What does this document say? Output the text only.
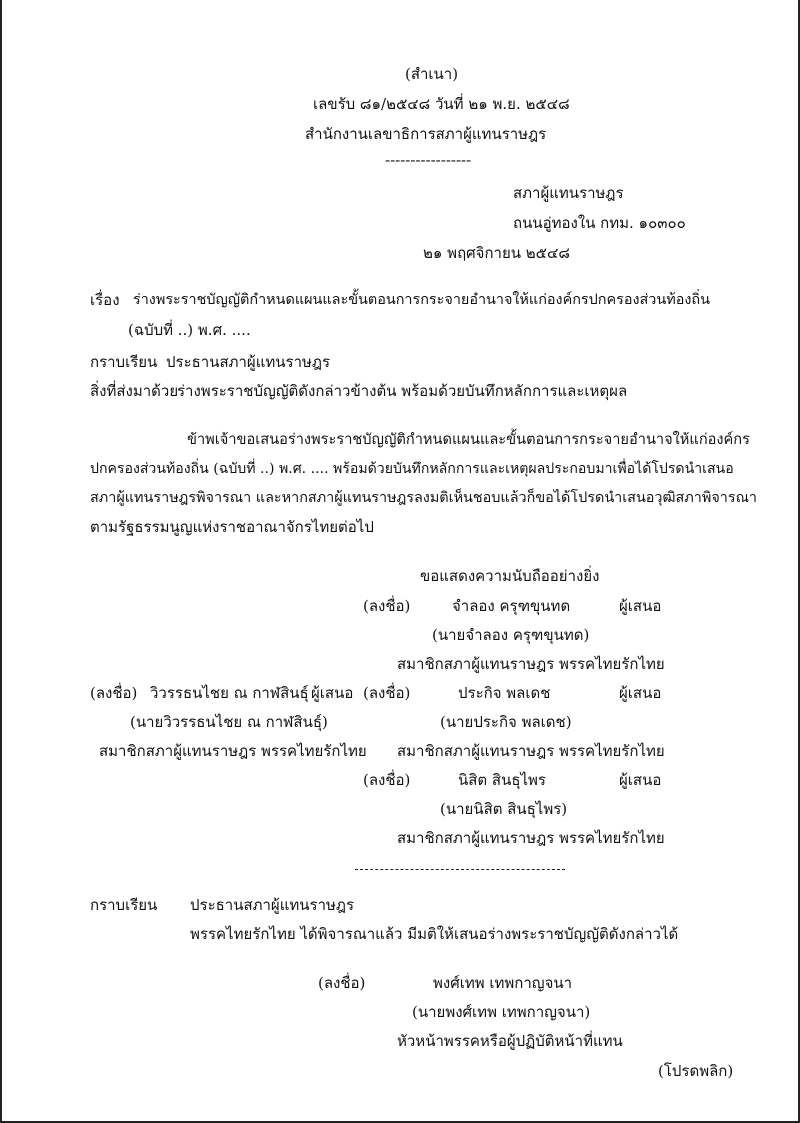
(สำเนา)
เลขรับ ๘๑/๒๕๔๘ วันที่ ๒๑ พ.ย. ๒๕๔๘
สำนักงานเลขาธิการสภาผู้แทนราษฎร
-----------------
สภาผู้แทนราษฎร
ถนนอู่ทองใน กทม. ๑๐๓๐๐
๒๑ พฤศจิกายน ๒๕๔๘
เรื่อง ร่างพระราชบัญญัติกำหนดแผนและขั้นตอนการกระจายอำนาจให้แก่องค์กรปกครองส่วนท้องถิ่น
(ฉบับที่ ..) พ.ศ. ....
กราบเรียน ประธานสภาผู้แทนราษฎร
สิ่งที่ส่งมาด้วย
ร่างพระราชบัญญัติดังกล่าวข้างต้น พร้อมด้วยบันทึกหลักการและเหตุผล
ข้าพเจ้าขอเสนอร่างพระราชบัญญัติกำหนดแผนและขั้นตอนการกระจายอำนาจให้แก่องค์กร
ปกครองส่วนท้องถิ่น (ฉบับที่ ..) พ.ศ. .... พร้อมด้วยบันทึกหลักการและเหตุผลประกอบมาเพื่อได้โปรดนำเสนอ
สภาผู้แทนราษฎรพิจารณา และหากสภาผู้แทนราษฎรลงมติเห็นชอบแล้วก็ขอได้โปรดนำเสนอวุฒิสภาพิจารณา
ตามรัฐธรรมนูญแห่งราชอาณาจักรไทยต่อไป
ขอแสดงความนับถืออย่างยิ่ง
(ลงชื่อ)	จำลอง ครุฑขุนทด	ผู้เสนอ
(นายจำลอง ครุฑขุนทด)
สมาชิกสภาผู้แทนราษฎร พรรคไทยรักไทย
(ลงชื่อ) วิวรรธนไชย ณ กาฬสินธุ์ ผู้เสนอ
(นายวิวรรธนไชย ณ กาฬสินธุ์)
สมาชิกสภาผู้แทนราษฎร พรรคไทยรักไทย
(ลงชื่อ)	ประกิจ พลเดช	ผู้เสนอ
(นายประกิจ พลเดช)
สมาชิกสภาผู้แทนราษฎร พรรคไทยรักไทย
(ลงชื่อ)	นิสิต สินธุไพร	ผู้เสนอ
(นายนิสิต สินธุไพร)
สมาชิกสภาผู้แทนราษฎร พรรคไทยรักไทย
กราบเรียน ประธานสภาผู้แทนราษฎร
พรรคไทยรักไทย ได้พิจารณาแล้ว มีมติให้เสนอร่างพระราชบัญญัติดังกล่าวได้
(ลงชื่อ)	พงศ์เทพ เทพกาญจนา
(นายพงศ์เทพ เทพกาญจนา)
หัวหน้าพรรคหรือผู้ปฏิบัติหน้าที่แทน
(โปรดพลิก)
